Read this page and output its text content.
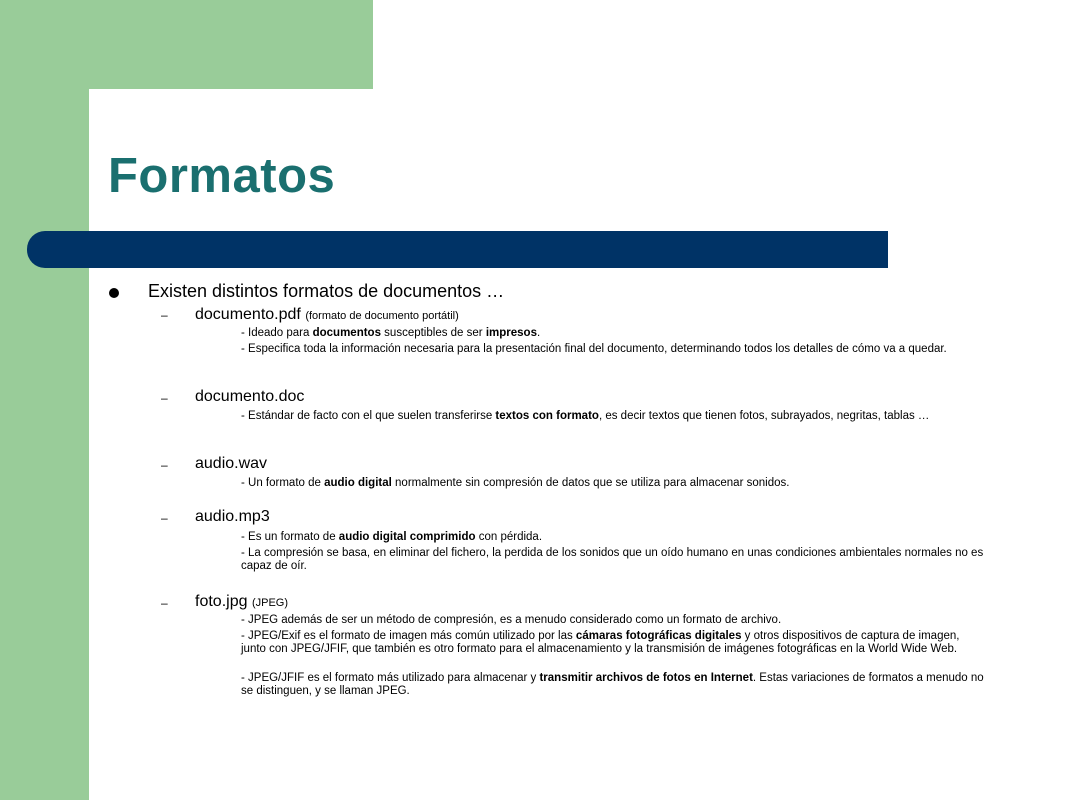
Formatos
Existen distintos formatos de documentos …
– documento.pdf (formato de documento portátil)
- Ideado para documentos susceptibles de ser impresos.
- Especifica toda la información necesaria para la presentación final del documento, determinando todos los detalles de cómo va a quedar.
– documento.doc
- Estándar de facto con el que suelen transferirse textos con formato, es decir textos que tienen fotos, subrayados, negritas, tablas …
– audio.wav
- Un formato de audio digital normalmente sin compresión de datos que se utiliza para almacenar sonidos.
– audio.mp3
- Es un formato de audio digital comprimido con pérdida.
- La compresión se basa, en eliminar del fichero, la perdida de los sonidos que un oído humano en unas condiciones ambientales normales no es capaz de oír.
– foto.jpg (JPEG)
- JPEG además de ser un método de compresión, es a menudo considerado como un formato de archivo.
- JPEG/Exif es el formato de imagen más común utilizado por las cámaras fotográficas digitales y otros dispositivos de captura de imagen, junto con JPEG/JFIF, que también es otro formato para el almacenamiento y la transmisión de imágenes fotográficas en la World Wide Web.
- JPEG/JFIF es el formato más utilizado para almacenar y transmitir archivos de fotos en Internet. Estas variaciones de formatos a menudo no se distinguen, y se llaman JPEG.
